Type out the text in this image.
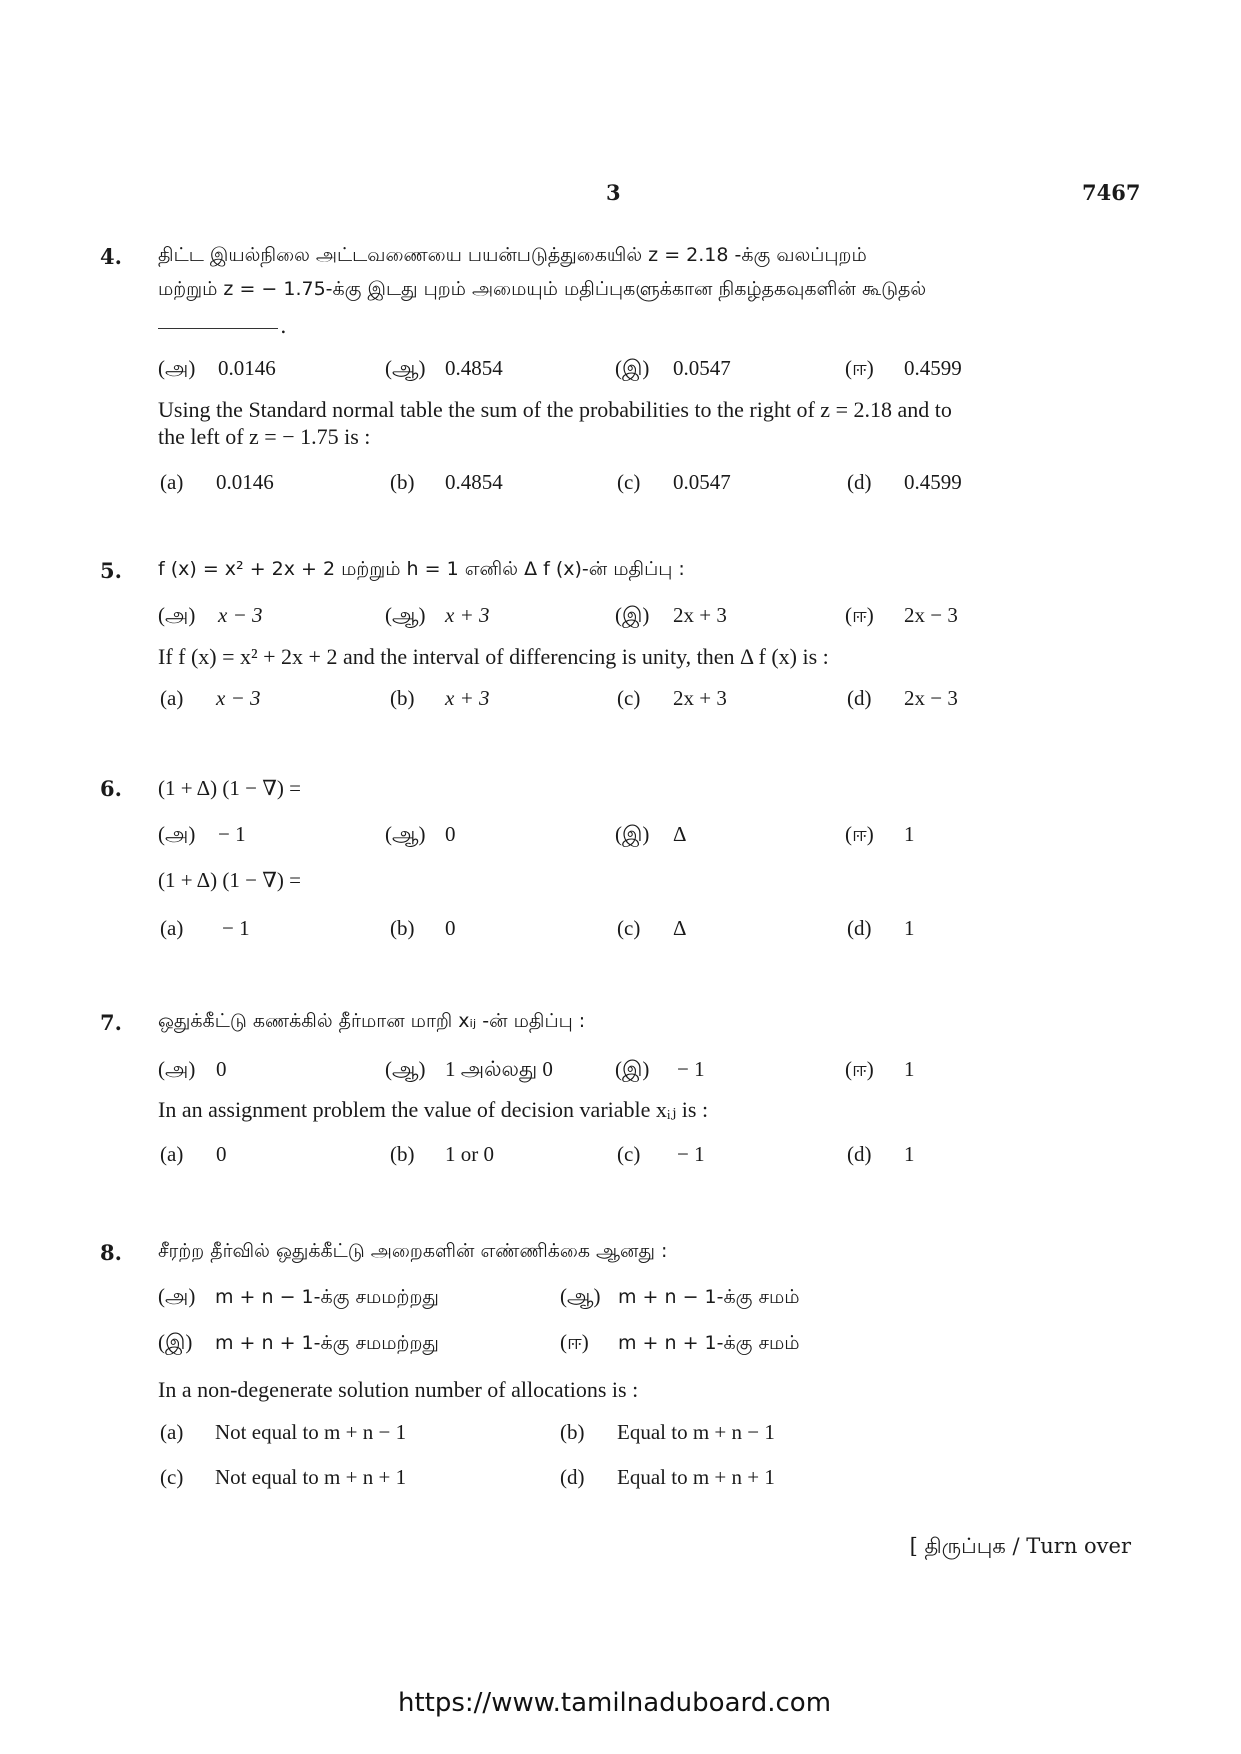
3	7467
4. திட்ட இயல்நிலை அட்டவணையை பயன்படுத்துகையில் z = 2.18 -க்கு வலப்புறம்
மற்றும் z = − 1.75-க்கு இடது புறம் அமையும் மதிப்புகளுக்கான நிகழ்தகவுகளின் கூடுதல்
.
(அ) 0.0146	(ஆ) 0.4854	(இ) 0.0547	(ஈ) 0.4599
Using the Standard normal table the sum of the probabilities to the right of z = 2.18 and to
the left of z = − 1.75 is :
(a) 0.0146	(b) 0.4854	(c) 0.0547	(d) 0.4599
5. f (x) = x² + 2x + 2 மற்றும் h = 1 எனில் Δ f (x)-ன் மதிப்பு :
(அ) x − 3	(ஆ) x + 3	(இ) 2x + 3	(ஈ) 2x − 3
If f (x) = x² + 2x + 2 and the interval of differencing is unity, then Δ f (x) is :
(a) x − 3	(b) x + 3	(c) 2x + 3	(d) 2x − 3
6. (1 + Δ) (1 − ∇) =
(அ) − 1	(ஆ) 0	(இ) Δ	(ஈ) 1
(1 + Δ) (1 − ∇) =
(a) − 1	(b) 0	(c) Δ	(d) 1
7. ஒதுக்கீட்டு கணக்கில் தீர்மான மாறி xᵢⱼ -ன் மதிப்பு :
(அ) 0	(ஆ) 1 அல்லது 0	(இ) − 1	(ஈ) 1
In an assignment problem the value of decision variable xᵢⱼ is :
(a) 0	(b) 1 or 0	(c) − 1	(d) 1
8. சீரற்ற தீர்வில் ஒதுக்கீட்டு அறைகளின் எண்ணிக்கை ஆனது :
(அ) m + n − 1-க்கு சமமற்றது	(ஆ) m + n − 1-க்கு சமம்
(இ) m + n + 1-க்கு சமமற்றது	(ஈ) m + n + 1-க்கு சமம்
In a non-degenerate solution number of allocations is :
(a) Not equal to m + n − 1	(b) Equal to m + n − 1
(c) Not equal to m + n + 1	(d) Equal to m + n + 1
[ திருப்புக / Turn over
https://www.tamilnaduboard.com
